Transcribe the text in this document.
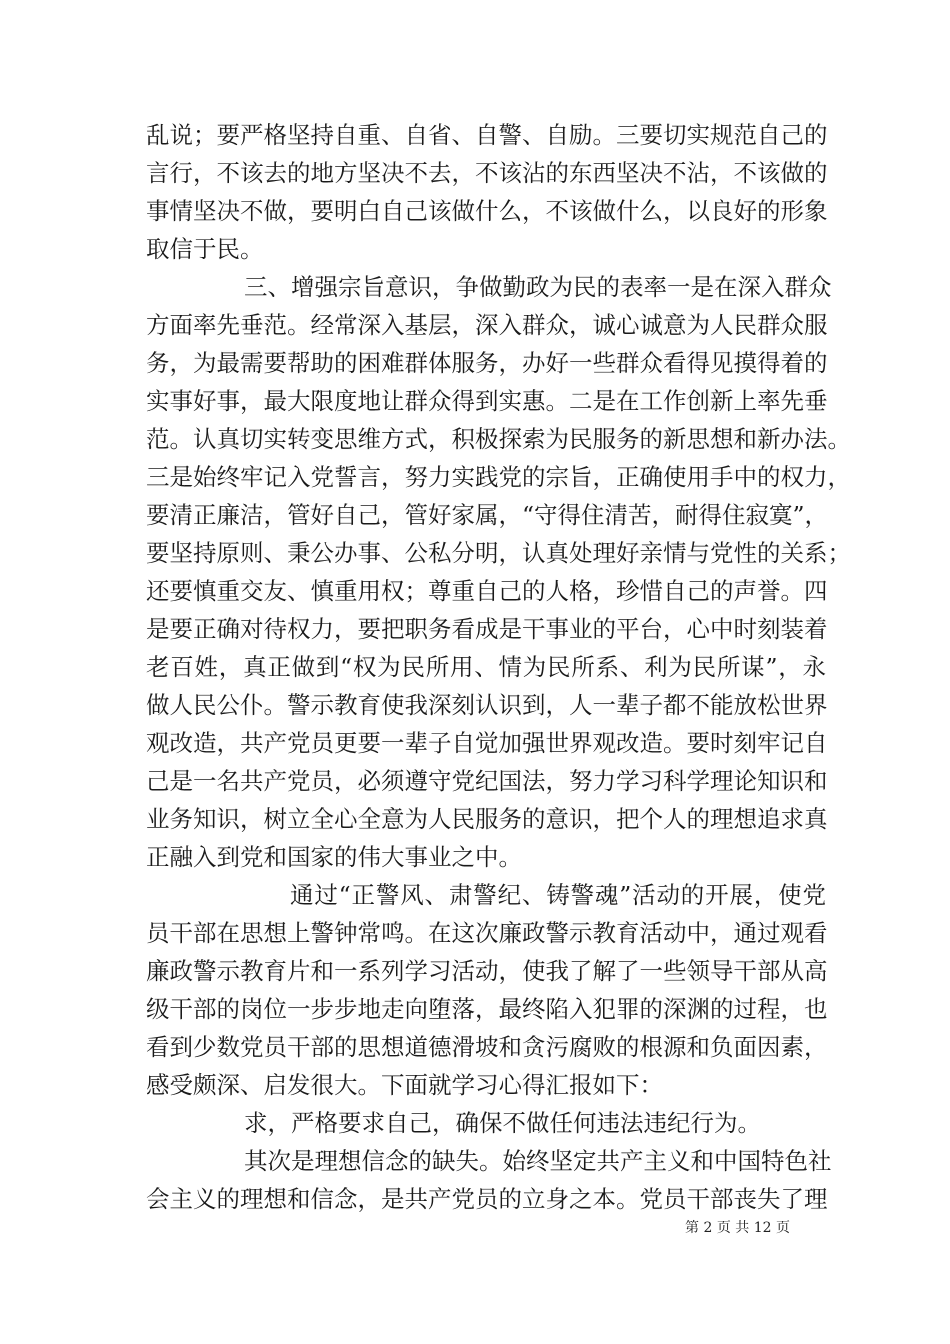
乱说；要严格坚持自重、自省、自警、自励。三要切实规范自己的
言行，不该去的地方坚决不去，不该沾的东西坚决不沾，不该做的
事情坚决不做，要明白自己该做什么，不该做什么，以良好的形象
取信于民。
三、增强宗旨意识，争做勤政为民的表率一是在深入群众
方面率先垂范。经常深入基层，深入群众，诚心诚意为人民群众服
务，为最需要帮助的困难群体服务，办好一些群众看得见摸得着的
实事好事，最大限度地让群众得到实惠。二是在工作创新上率先垂
范。认真切实转变思维方式，积极探索为民服务的新思想和新办法。
三是始终牢记入党誓言，努力实践党的宗旨，正确使用手中的权力，
要清正廉洁，管好自己，管好家属，“守得住清苦，耐得住寂寞”，
要坚持原则、秉公办事、公私分明，认真处理好亲情与党性的关系；
还要慎重交友、慎重用权；尊重自己的人格，珍惜自己的声誉。四
是要正确对待权力，要把职务看成是干事业的平台，心中时刻装着
老百姓，真正做到“权为民所用、情为民所系、利为民所谋”，永
做人民公仆。警示教育使我深刻认识到，人一辈子都不能放松世界
观改造，共产党员更要一辈子自觉加强世界观改造。要时刻牢记自
己是一名共产党员，必须遵守党纪国法，努力学习科学理论知识和
业务知识，树立全心全意为人民服务的意识，把个人的理想追求真
正融入到党和国家的伟大事业之中。
通过“正警风、肃警纪、铸警魂”活动的开展，使党
员干部在思想上警钟常鸣。在这次廉政警示教育活动中，通过观看
廉政警示教育片和一系列学习活动，使我了解了一些领导干部从高
级干部的岗位一步步地走向堕落，最终陷入犯罪的深渊的过程，也
看到少数党员干部的思想道德滑坡和贪污腐败的根源和负面因素，
感受颇深、启发很大。下面就学习心得汇报如下：
求，严格要求自己，确保不做任何违法违纪行为。
其次是理想信念的缺失。始终坚定共产主义和中国特色社
会主义的理想和信念，是共产党员的立身之本。党员干部丧失了理
第 2 页 共 12 页
